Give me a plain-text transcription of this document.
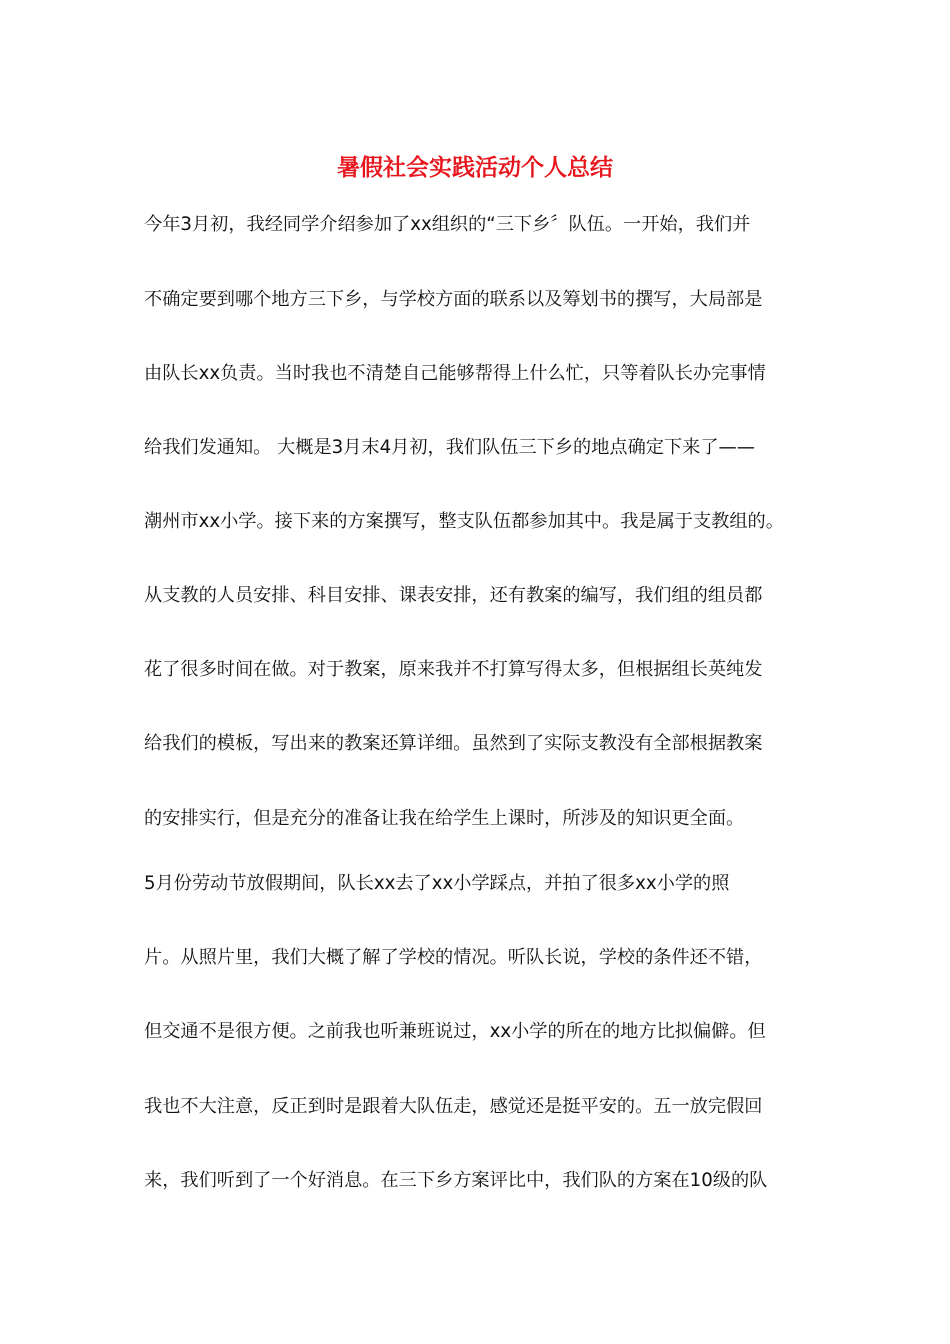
暑假社会实践活动个人总结

今年3月初，我经同学介绍参加了xx组织的“三下乡〞队伍。一开始，我们并

不确定要到哪个地方三下乡，与学校方面的联系以及筹划书的撰写，大局部是

由队长xx负责。当时我也不清楚自己能够帮得上什么忙，只等着队长办完事情

给我们发通知。 大概是3月末4月初，我们队伍三下乡的地点确定下来了——

潮州市xx小学。接下来的方案撰写，整支队伍都参加其中。我是属于支教组的。

从支教的人员安排、科目安排、课表安排，还有教案的编写，我们组的组员都

花了很多时间在做。对于教案，原来我并不打算写得太多，但根据组长英纯发

给我们的模板，写出来的教案还算详细。虽然到了实际支教没有全部根据教案

的安排实行，但是充分的准备让我在给学生上课时，所涉及的知识更全面。

5月份劳动节放假期间，队长xx去了xx小学踩点，并拍了很多xx小学的照

片。从照片里，我们大概了解了学校的情况。听队长说，学校的条件还不错，

但交通不是很方便。之前我也听兼班说过，xx小学的所在的地方比拟偏僻。但

我也不大注意，反正到时是跟着大队伍走，感觉还是挺平安的。五一放完假回

来，我们听到了一个好消息。在三下乡方案评比中，我们队的方案在10级的队
